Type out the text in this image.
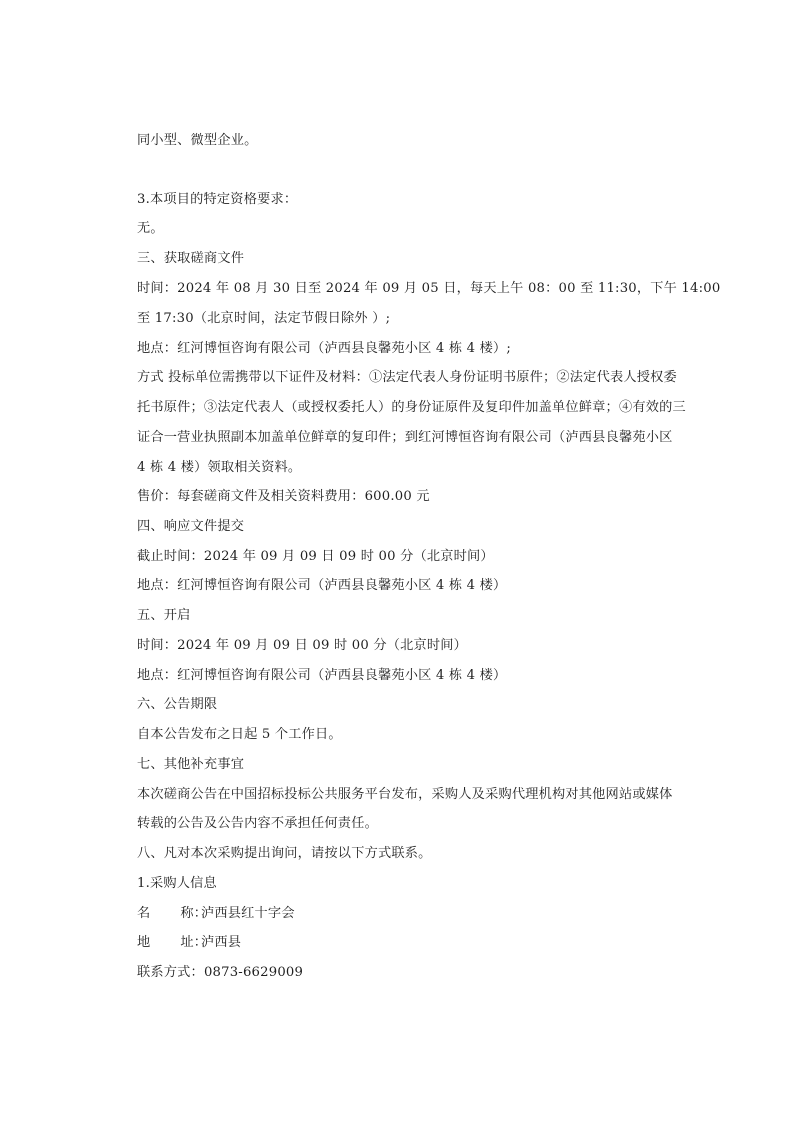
同小型、微型企业。
3.本项目的特定资格要求：
无。
三、获取磋商文件
时间：2024 年 08 月 30 日至 2024 年 09 月 05 日，每天上午 08：00 至 11:30，下午 14:00
至 17:30（北京时间，法定节假日除外 ）;
地点：红河博恒咨询有限公司（泸西县良馨苑小区 4 栋 4 楼）;
方式 投标单位需携带以下证件及材料：①法定代表人身份证明书原件；②法定代表人授权委
托书原件；③法定代表人（或授权委托人）的身份证原件及复印件加盖单位鲜章；④有效的三
证合一营业执照副本加盖单位鲜章的复印件；到红河博恒咨询有限公司（泸西县良馨苑小区
4 栋 4 楼）领取相关资料。
售价：每套磋商文件及相关资料费用：600.00 元
四、响应文件提交
截止时间：2024 年 09 月 09 日 09 时 00 分（北京时间）
地点：红河博恒咨询有限公司（泸西县良馨苑小区 4 栋 4 楼）
五、开启
时间：2024 年 09 月 09 日 09 时 00 分（北京时间）
地点：红河博恒咨询有限公司（泸西县良馨苑小区 4 栋 4 楼）
六、公告期限
自本公告发布之日起 5 个工作日。
七、其他补充事宜
本次磋商公告在中国招标投标公共服务平台发布，采购人及采购代理机构对其他网站或媒体
转载的公告及公告内容不承担任何责任。
八、凡对本次采购提出询问，请按以下方式联系。
1.采购人信息
名 称：泸西县红十字会
地 址：泸西县
联系方式：0873-6629009
